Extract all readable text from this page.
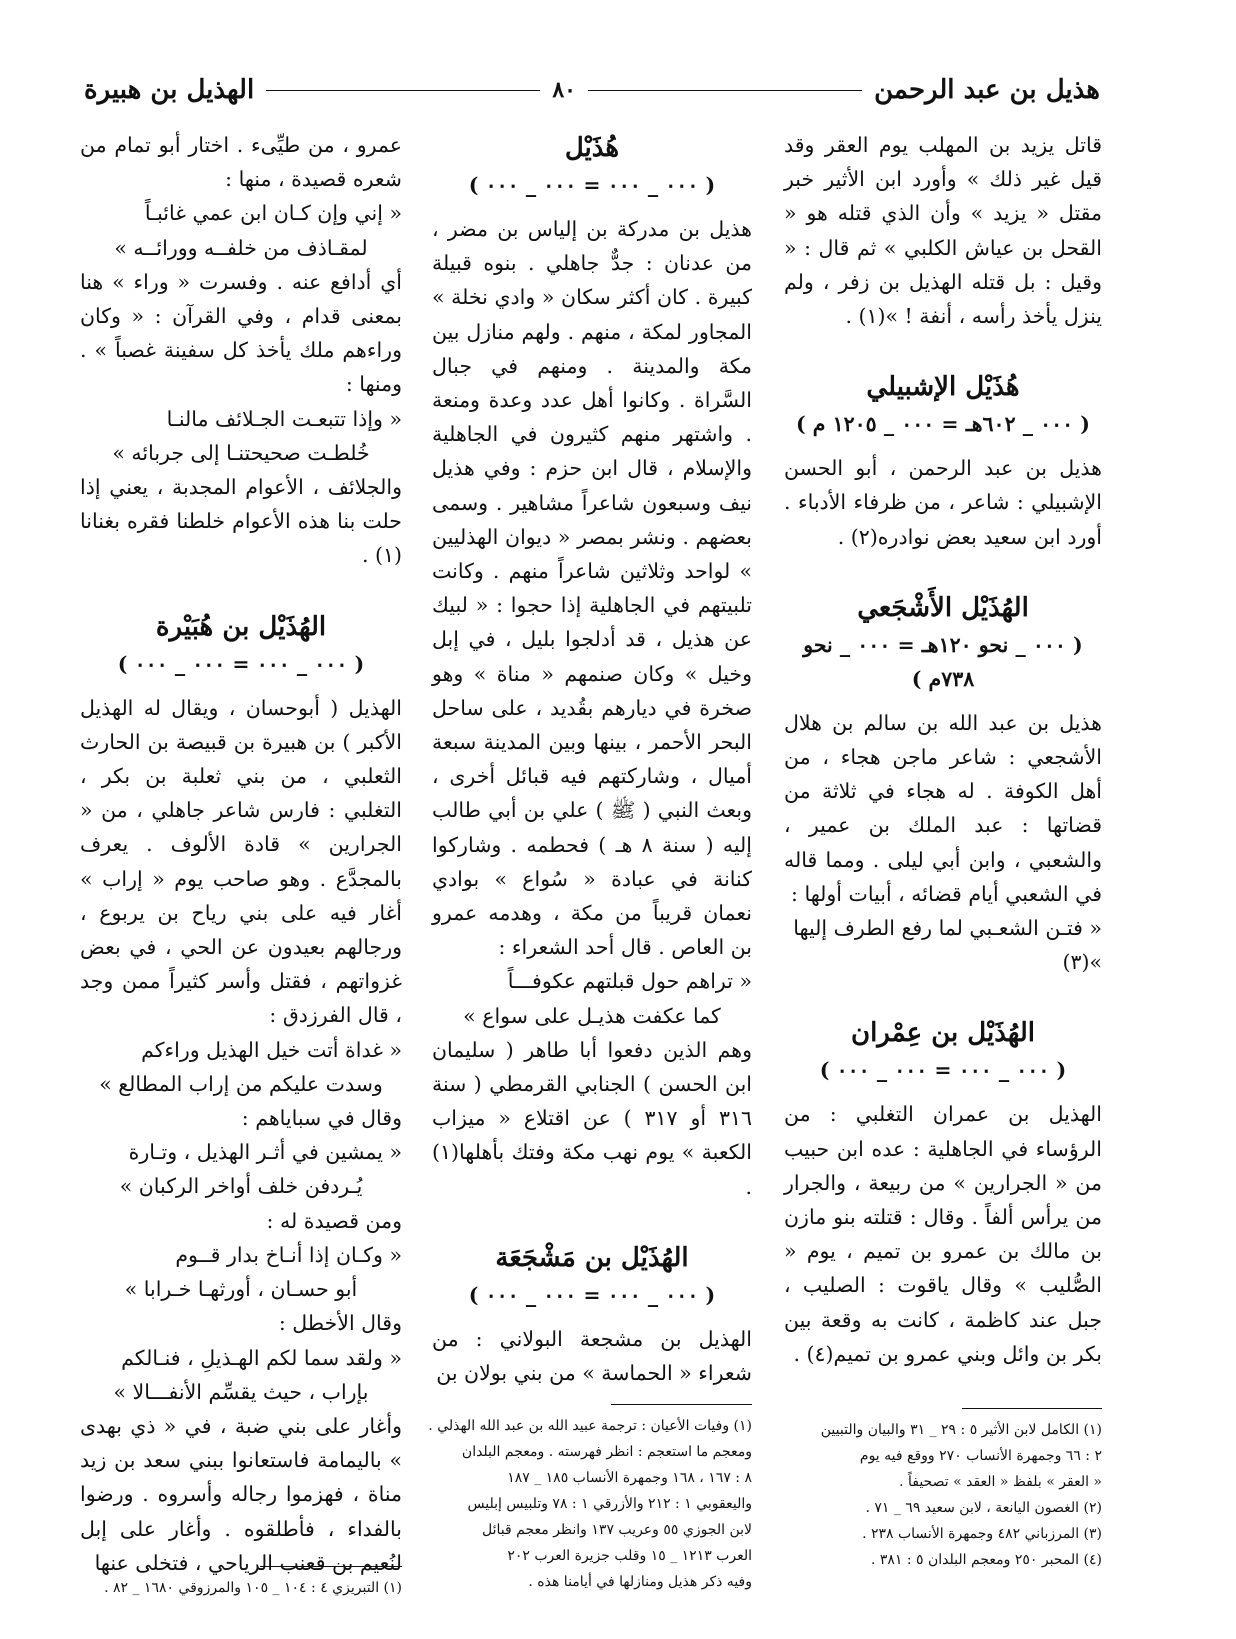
هذيل بن عبد الرحمن
٨٠
الهذيل بن هبيرة

قاتل يزيد بن المهلب يوم العقر وقد قيل غير ذلك » وأورد ابن الأثير خبر مقتل « يزيد » وأن الذي قتله هو « القحل بن عياش الكلبي » ثم قال : « وقيل : بل قتله الهذيل بن زفر ، ولم ينزل يأخذ رأسه ، أنفة ! »(١) .

هُذَيْل الإشبيلي
( ٠٠٠ _ ٦٠٢هـ = ٠٠٠ _ ١٢٠٥ م )

هذيل بن عبد الرحمن ، أبو الحسن الإشبيلي : شاعر ، من ظرفاء الأدباء . أورد ابن سعيد بعض نوادره(٢) .

الهُذَيْل الأَشْجَعي
( ٠٠٠ _ نحو ١٢٠هـ = ٠٠٠ _ نحو ٧٣٨م )

هذيل بن عبد الله بن سالم بن هلال الأشجعي : شاعر ماجن هجاء ، من أهل الكوفة . له هجاء في ثلاثة من قضاتها : عبد الملك بن عمير ، والشعبي ، وابن أبي ليلى . ومما قاله في الشعبي أيام قضائه ، أبيات أولها :

« فتـن الشعـبي لما رفع الطرف إليها »(٣)

الهُذَيْل بن عِمْران
( ٠٠٠ _ ٠٠٠ = ٠٠٠ _ ٠٠٠ )

الهذيل بن عمران التغلبي : من الرؤساء في الجاهلية : عده ابن حبيب من « الجرارين » من ربيعة ، والجرار من يرأس ألفاً . وقال : قتلته بنو مازن بن مالك بن عمرو بن تميم ، يوم « الصُّليب » وقال ياقوت : الصليب ، جبل عند كاظمة ، كانت به وقعة بين بكر بن وائل وبني عمرو بن تميم(٤) .

(١) الكامل لابن الأثير ٥ : ٢٩ _ ٣١ والبيان والتبيين
٢ : ٦٦ وجمهرة الأنساب ٢٧٠ ووقع فيه يوم
« العقر » بلفظ « العقد » تصحيفاً .
(٢) الغصون اليانعة ، لابن سعيد ٦٩ _ ٧١ .
(٣) المرزباني ٤٨٢ وجمهرة الأنساب ٢٣٨ .
(٤) المحبر ٢٥٠ ومعجم البلدان ٥ : ٣٨١ .
هُذَيْل
( ٠٠٠ _ ٠٠٠ = ٠٠٠ _ ٠٠٠ )

هذيل بن مدركة بن إلياس بن مضر ، من عدنان : جدٌّ جاهلي . بنوه قبيلة كبيرة . كان أكثر سكان « وادي نخلة » المجاور لمكة ، منهم . ولهم منازل بين مكة والمدينة . ومنهم في جبال السَّراة . وكانوا أهل عدد وعدة ومنعة . واشتهر منهم كثيرون في الجاهلية والإسلام ، قال ابن حزم : وفي هذيل نيف وسبعون شاعراً مشاهير . وسمى بعضهم . ونشر بمصر « ديوان الهذليين » لواحد وثلاثين شاعراً منهم . وكانت تلبيتهم في الجاهلية إذا حجوا : « لبيك عن هذيل ، قد أدلجوا بليل ، في إبل وخيل » وكان صنمهم « مناة » وهو صخرة في ديارهم بقُديد ، على ساحل البحر الأحمر ، بينها وبين المدينة سبعة أميال ، وشاركتهم فيه قبائل أخرى ، وبعث النبي ( ﷺ ) علي بن أبي طالب إليه ( سنة ٨ هـ ) فحطمه . وشاركوا كنانة في عبادة « سُواع » بوادي نعمان قريباً من مكة ، وهدمه عمرو بن العاص . قال أحد الشعراء :

« تراهم حول قبلتهم عكوفـــاً

كما عكفت هذيـل على سواع »

وهم الذين دفعوا أبا طاهر ( سليمان ابن الحسن ) الجنابي القرمطي ( سنة ٣١٦ أو ٣١٧ ) عن اقتلاع « ميزاب الكعبة » يوم نهب مكة وفتك بأهلها(١) .

الهُذَيْل بن مَشْجَعَة
( ٠٠٠ _ ٠٠٠ = ٠٠٠ _ ٠٠٠ )

الهذيل بن مشجعة البولاني : من شعراء « الحماسة » من بني بولان بن

(١) وفيات الأعيان : ترجمة عبيد الله بن عبد الله الهذلي .
ومعجم ما استعجم : انظر فهرسته . ومعجم البلدان
٨ : ١٦٧ ، ١٦٨ وجمهرة الأنساب ١٨٥ _ ١٨٧
واليعقوبي ١ : ٢١٢ والأزرقي ١ : ٧٨ وتلبيس إبليس
لابن الجوزي ٥٥ وعريب ١٣٧ وانظر معجم قبائل
العرب ١٢١٣ _ ١٥ وقلب جزيرة العرب ٢٠٢
وفيه ذكر هذيل ومنازلها في أيامنا هذه .

عمرو ، من طيِّىء . اختار أبو تمام من شعره قصيدة ، منها :

« إني وإن كـان ابن عمي غائبـاً

لمقـاذف من خلفــه وورائــه »

أي أدافع عنه . وفسرت « وراء » هنا بمعنى قدام ، وفي القرآن : « وكان وراءهم ملك يأخذ كل سفينة غصباً » . ومنها :

« وإذا تتبعـت الجـلائف مالنـا

خُلطـت صحيحتنـا إلى جربائه »

والجلائف ، الأعوام المجدبة ، يعني إذا حلت بنا هذه الأعوام خلطنا فقره بغنانا (١) .

الهُذَيْل بن هُبَيْرة
( ٠٠٠ _ ٠٠٠ = ٠٠٠ _ ٠٠٠ )

الهذيل ( أبوحسان ، ويقال له الهذيل الأكبر ) بن هبيرة بن قبيصة بن الحارث الثعلبي ، من بني ثعلبة بن بكر ، التغلبي : فارس شاعر جاهلي ، من « الجرارين » قادة الألوف . يعرف بالمجدَّع . وهو صاحب يوم « إراب » أغار فيه على بني رياح بن يربوع ، ورجالهم بعيدون عن الحي ، في بعض غزواتهم ، فقتل وأسر كثيراً ممن وجد ، قال الفرزدق :

« غداة أتت خيل الهذيل وراءكم

وسدت عليكم من إراب المطالع »

وقال في سباياهم :

« يمشين في أثـر الهذيل ، وتـارة

يُـردفن خلف أواخر الركبان »

ومن قصيدة له :

« وكـان إذا أنـاخ بدار قــوم

أبو حسـان ، أورثهـا خـرابا »

وقال الأخطل :

« ولقد سما لكم الهـذيلِ ، فنـالكم

بإراب ، حيث يقسِّم الأنفـــالا »

وأغار على بني ضبة ، في « ذي بهدى » باليمامة فاستعانوا ببني سعد بن زيد مناة ، فهزموا رجاله وأسروه . ورضوا بالفداء ، فأطلقوه . وأغار على إبل لنُعيم بن قعنب الرياحي ، فتخلى عنها

(١) التبريزي ٤ : ١٠٤ _ ١٠٥ والمرزوقي ١٦٨٠ _ ٨٢ .
